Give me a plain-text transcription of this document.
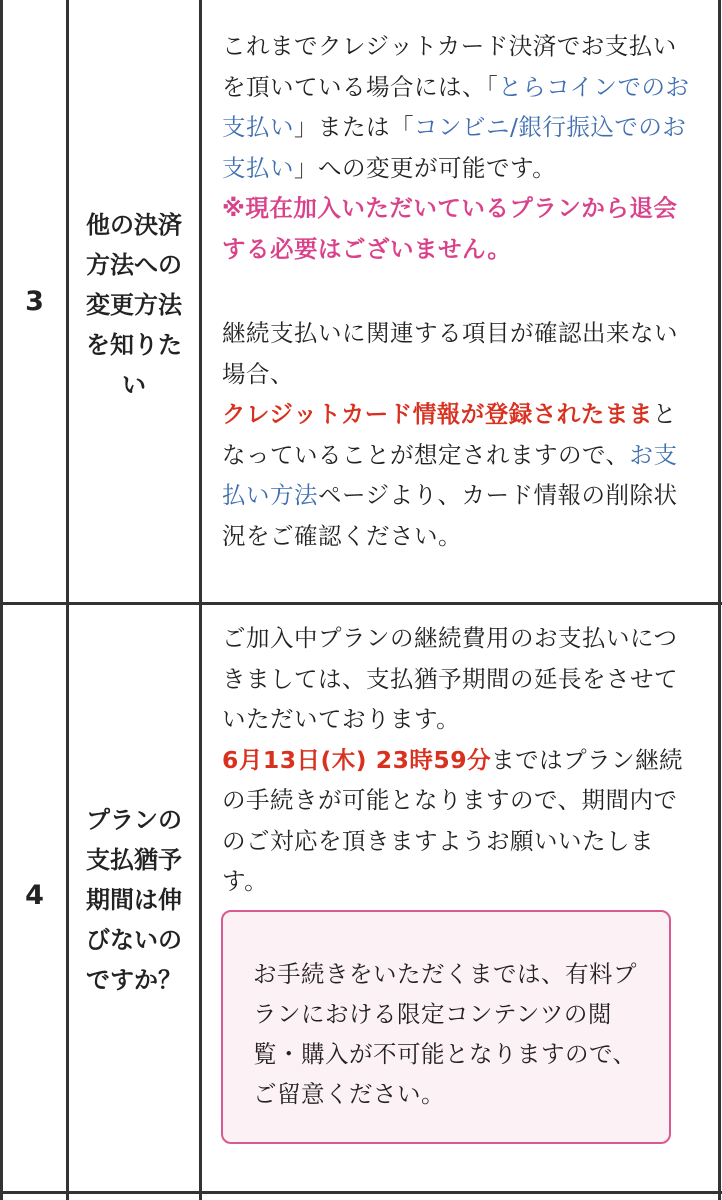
3
他の決済
方法への
変更方法
を知りた
い
これまでクレジットカード決済でお支払いを頂いている場合には、「とらコインでのお支払い」または「コンビニ/銀行振込でのお支払い」への変更が可能です。
※現在加入いただいているプランから退会する必要はございません。
継続支払いに関連する項目が確認出来ない場合、
クレジットカード情報が登録されたままとなっていることが想定されますので、お支払い方法ページより、カード情報の削除状況をご確認ください。
4
プランの
支払猶予
期間は伸
びないの
ですか？
ご加入中プランの継続費用のお支払いにつきましては、支払猶予期間の延長をさせていただいております。
6月13日(木) 23時59分まではプラン継続の手続きが可能となりますので、期間内でのご対応を頂きますようお願いいたします。
お手続きをいただくまでは、有料プランにおける限定コンテンツの閲覧・購入が不可能となりますので、ご留意ください。
